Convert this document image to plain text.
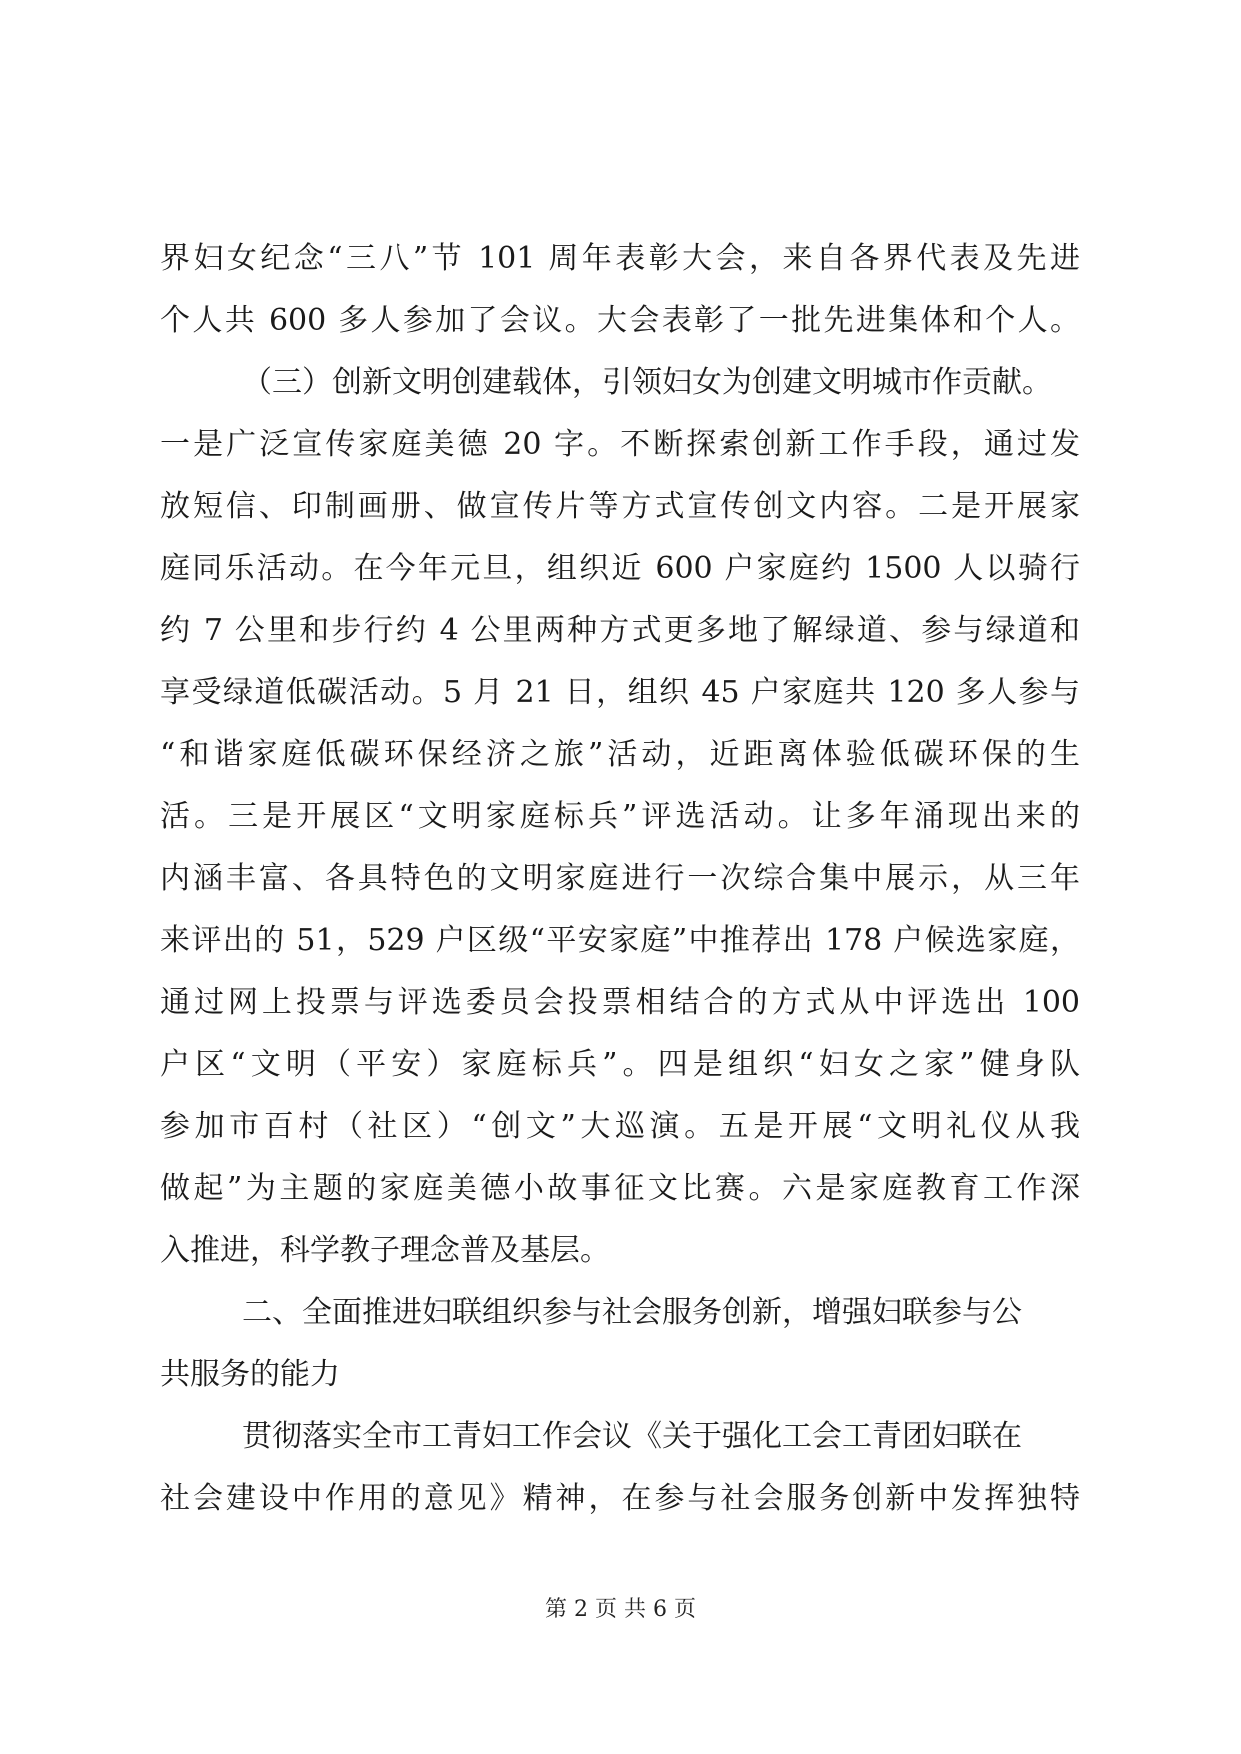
界妇女纪念“三八”节 101 周年表彰大会，来自各界代表及先进
个人共 600 多人参加了会议。大会表彰了一批先进集体和个人。
（三）创新文明创建载体，引领妇女为创建文明城市作贡献。
一是广泛宣传家庭美德 20 字。不断探索创新工作手段，通过发
放短信、印制画册、做宣传片等方式宣传创文内容。二是开展家
庭同乐活动。在今年元旦，组织近 600 户家庭约 1500 人以骑行
约 7 公里和步行约 4 公里两种方式更多地了解绿道、参与绿道和
享受绿道低碳活动。5 月 21 日，组织 45 户家庭共 120 多人参与
“和谐家庭低碳环保经济之旅”活动，近距离体验低碳环保的生
活。三是开展区“文明家庭标兵”评选活动。让多年涌现出来的
内涵丰富、各具特色的文明家庭进行一次综合集中展示，从三年
来评出的 51，529 户区级“平安家庭”中推荐出 178 户候选家庭，
通过网上投票与评选委员会投票相结合的方式从中评选出 100
户区“文明（平安）家庭标兵”。四是组织“妇女之家”健身队
参加市百村（社区）“创文”大巡演。五是开展“文明礼仪从我
做起”为主题的家庭美德小故事征文比赛。六是家庭教育工作深
入推进，科学教子理念普及基层。
二、全面推进妇联组织参与社会服务创新，增强妇联参与公
共服务的能力
贯彻落实全市工青妇工作会议《关于强化工会工青团妇联在
社会建设中作用的意见》精神，在参与社会服务创新中发挥独特
第 2 页 共 6 页
